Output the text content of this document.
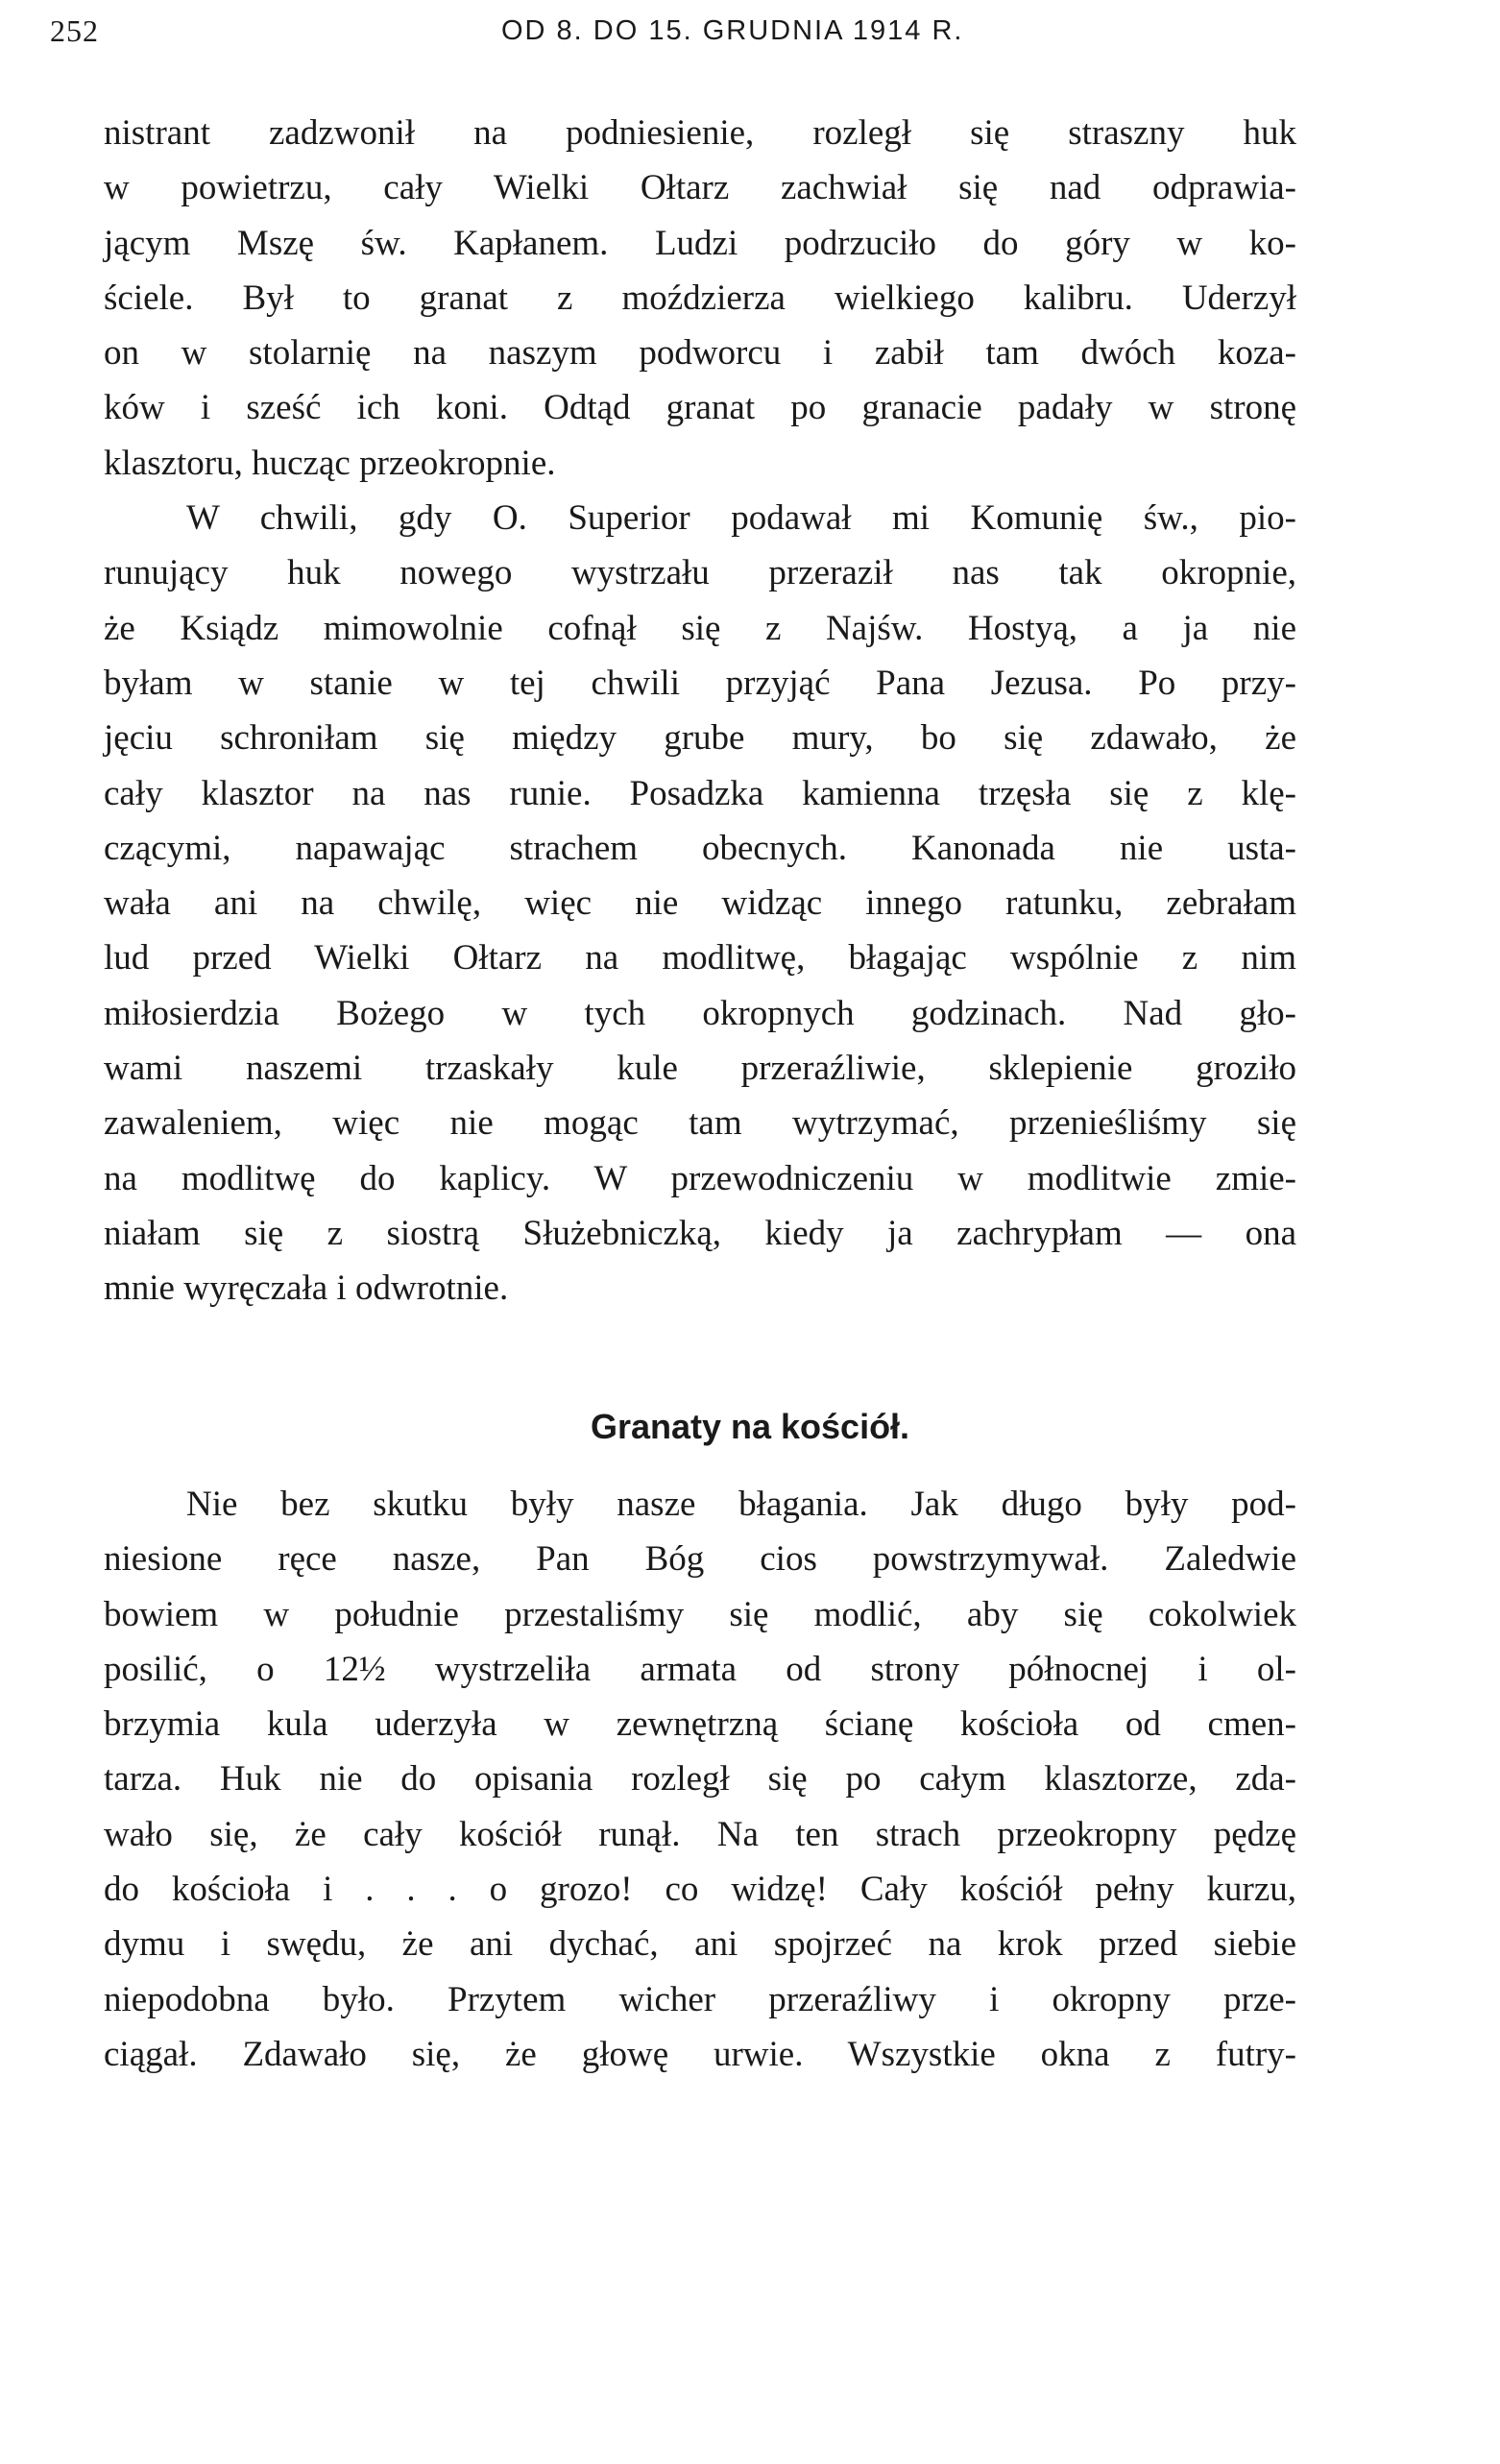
252	OD 8. DO 15. GRUDNIA 1914 R.
nistrant zadzwonił na podniesienie, rozległ się straszny huk
w powietrzu, cały Wielki Ołtarz zachwiał się nad odprawia-
jącym Mszę św. Kapłanem. Ludzi podrzuciło do góry w ko-
ściele. Był to granat z moździerza wielkiego kalibru. Uderzył
on w stolarnię na naszym podworcu i zabił tam dwóch koza-
ków i sześć ich koni. Odtąd granat po granacie padały w stronę
klasztoru, hucząc przeokropnie.
W chwili, gdy O. Superior podawał mi Komunię św., pio-
runujący huk nowego wystrzału przeraził nas tak okropnie,
że Ksiądz mimowolnie cofnął się z Najśw. Hostyą, a ja nie
byłam w stanie w tej chwili przyjąć Pana Jezusa. Po przy-
jęciu schroniłam się między grube mury, bo się zdawało, że
cały klasztor na nas runie. Posadzka kamienna trzęsła się z klę-
czącymi, napawając strachem obecnych. Kanonada nie usta-
wała ani na chwilę, więc nie widząc innego ratunku, zebrałam
lud przed Wielki Ołtarz na modlitwę, błagając wspólnie z nim
miłosierdzia Bożego w tych okropnych godzinach. Nad gło-
wami naszemi trzaskały kule przeraźliwie, sklepienie groziło
zawaleniem, więc nie mogąc tam wytrzymać, przenieśliśmy się
na modlitwę do kaplicy. W przewodniczeniu w modlitwie zmie-
niałam się z siostrą Służebniczką, kiedy ja zachrypłam — ona
mnie wyręczała i odwrotnie.
Granaty na kościół.
Nie bez skutku były nasze błagania. Jak długo były pod-
niesione ręce nasze, Pan Bóg cios powstrzymywał. Zaledwie
bowiem w południe przestaliśmy się modlić, aby się cokolwiek
posilić, o 12½ wystrzeliła armata od strony północnej i ol-
brzymia kula uderzyła w zewnętrzną ścianę kościoła od cmen-
tarza. Huk nie do opisania rozległ się po całym klasztorze, zda-
wało się, że cały kościół runął. Na ten strach przeokropny pędzę
do kościoła i . . . o grozo! co widzę! Cały kościół pełny kurzu,
dymu i swędu, że ani dychać, ani spojrzeć na krok przed siebie
niepodobna było. Przytem wicher przeraźliwy i okropny prze-
ciągał. Zdawało się, że głowę urwie. Wszystkie okna z futry-
